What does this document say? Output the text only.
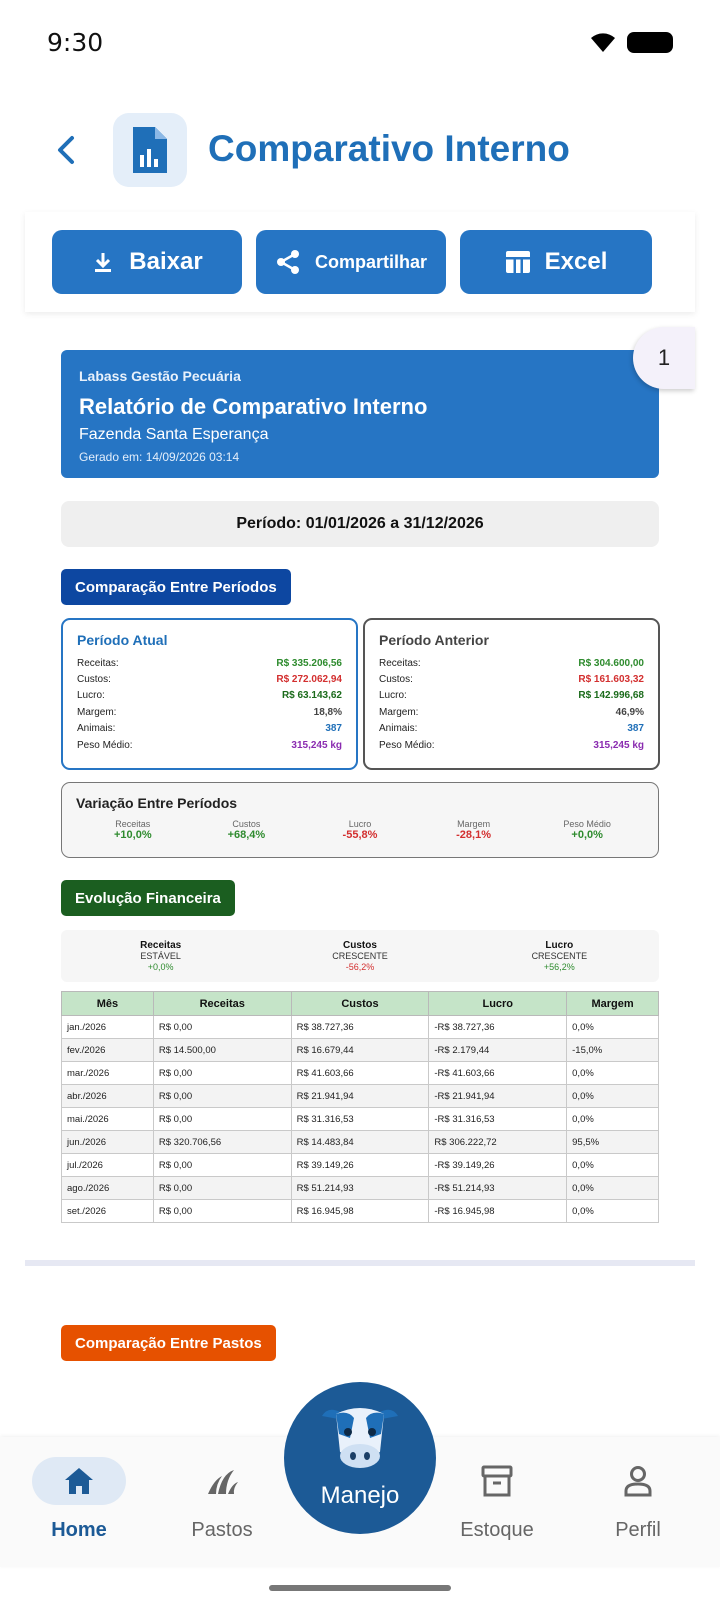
9:30
Comparativo Interno
Baixar	Compartilhar	Excel
Labass Gestão Pecuária
Relatório de Comparativo Interno
Fazenda Santa Esperança
Gerado em: 14/09/2026 03:14
1
Período: 01/01/2026 a 31/12/2026
Comparação Entre Períodos
Período Atual
Receitas:	R$ 335.206,56
Custos:	R$ 272.062,94
Lucro:	R$ 63.143,62
Margem:	18,8%
Animais:	387
Peso Médio:	315,245 kg
Período Anterior
Receitas:	R$ 304.600,00
Custos:	R$ 161.603,32
Lucro:	R$ 142.996,68
Margem:	46,9%
Animais:	387
Peso Médio:	315,245 kg
Variação Entre Períodos
Receitas
+10,0%
Custos
+68,4%
Lucro
-55,8%
Margem
-28,1%
Peso Médio
+0,0%
Evolução Financeira
Receitas
ESTÁVEL
+0,0%
Custos
CRESCENTE
-56,2%
Lucro
CRESCENTE
+56,2%
Mês	Receitas	Custos	Lucro	Margem
jan./2026	R$ 0,00	R$ 38.727,36	-R$ 38.727,36	0,0%
fev./2026	R$ 14.500,00	R$ 16.679,44	-R$ 2.179,44	-15,0%
mar./2026	R$ 0,00	R$ 41.603,66	-R$ 41.603,66	0,0%
abr./2026	R$ 0,00	R$ 21.941,94	-R$ 21.941,94	0,0%
mai./2026	R$ 0,00	R$ 31.316,53	-R$ 31.316,53	0,0%
jun./2026	R$ 320.706,56	R$ 14.483,84	R$ 306.222,72	95,5%
jul./2026	R$ 0,00	R$ 39.149,26	-R$ 39.149,26	0,0%
ago./2026	R$ 0,00	R$ 51.214,93	-R$ 51.214,93	0,0%
set./2026	R$ 0,00	R$ 16.945,98	-R$ 16.945,98	0,0%
Comparação Entre Pastos
Home	Pastos	Estoque	Perfil
Manejo
